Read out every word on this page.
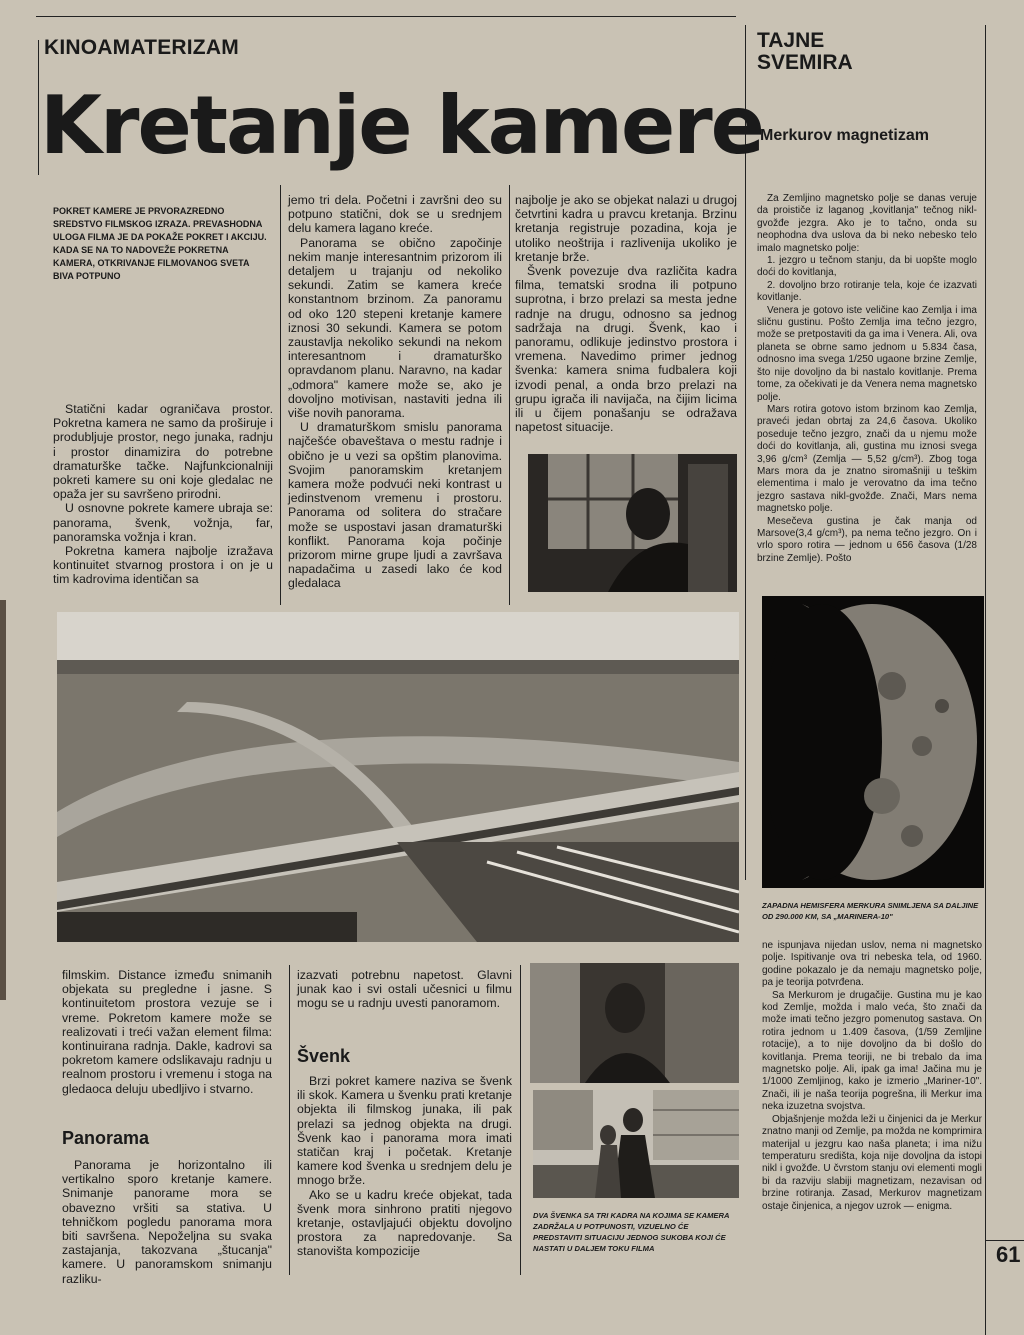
KINOAMATERIZAM
Kretanje kamere
TAJNE
SVEMIRA
Merkurov magnetizam
POKRET KAMERE JE PRVORAZREDNO SREDSTVO FILMSKOG IZRAZA. PREVASHODNA ULOGA FILMA JE DA POKAŽE POKRET I AKCIJU. KADA SE NA TO NADOVEŽE POKRETNA KAMERA, OTKRIVANJE FILMOVANOG SVETA BIVA POTPUNO

Statični kadar ograničava prostor. Pokretna kamera ne samo da proširuje i produbljuje prostor, nego junaka, radnju i prostor dinamizira do potrebne dramaturške tačke. Najfunkcionalniji pokreti kamere su oni koje gledalac ne opaža jer su savršeno prirodni.

U osnovne pokrete kamere ubraja se: panorama, švenk, vožnja, far, panoramska vožnja i kran.

Pokretna kamera najbolje izražava kontinuitet stvarnog prostora i on je u tim kadrovima identičan sa

jemo tri dela. Početni i završni deo su potpuno statični, dok se u srednjem delu kamera lagano kreće.

Panorama se obično započinje nekim manje interesantnim prizorom ili detaljem u trajanju od nekoliko sekundi. Zatim se kamera kreće konstantnom brzinom. Za panoramu od oko 120 stepeni kretanje kamere iznosi 30 sekundi. Kamera se potom zaustavlja nekoliko sekundi na nekom interesantnom i dramaturško opravdanom planu. Naravno, na kadar „odmora" kamere može se, ako je dovoljno motivisan, nastaviti jedna ili više novih panorama.

U dramaturškom smislu panorama najčešće obaveštava o mestu radnje i obično je u vezi sa opštim planovima. Svojim panoramskim kretanjem kamera može podvući neki kontrast u jedinstvenom vremenu i prostoru. Panorama od solitera do stračare može se uspostavi jasan dramaturški konflikt. Panorama koja počinje prizorom mirne grupe ljudi a završava napadačima u zasedi lako će kod gledalaca

najbolje je ako se objekat nalazi u drugoj četvrtini kadra u pravcu kretanja. Brzinu kretanja registruje pozadina, koja je utoliko neoštrija i razlivenija ukoliko je kretanje brže.

Švenk povezuje dva različita kadra filma, tematski srodna ili potpuno suprotna, i brzo prelazi sa mesta jedne radnje na drugu, odnosno sa jednog sadržaja na drugi. Švenk, kao i panoramu, odlikuje jedinstvo prostora i vremena. Navedimo primer jednog švenka: kamera snima fudbalera koji izvodi penal, a onda brzo prelazi na grupu igrača ili navijača, na čijim licima ili u čijem ponašanju se odražava napetost situacije.

ZAPADNA HEMISFERA MERKURA SNIMLJENA SA DALJINE OD 290.000 KM, SA „MARINERA-10"

Za Zemljino magnetsko polje se danas veruje da proističe iz laganog „kovitlanja" tečnog nikl-gvožđe jezgra. Ako je to tačno, onda su neophodna dva uslova da bi neko nebesko telo imalo magnetsko polje:

1. jezgro u tečnom stanju, da bi uopšte moglo doći do kovitlanja,

2. dovoljno brzo rotiranje tela, koje će izazvati kovitlanje.

Venera je gotovo iste veličine kao Zemlja i ima sličnu gustinu. Pošto Zemlja ima tečno jezgro, može se pretpostaviti da ga ima i Venera. Ali, ova planeta se obrne samo jednom u 5.834 časa, odnosno ima svega 1/250 ugaone brzine Zemlje, što nije dovoljno da bi nastalo kovitlanje. Prema tome, za očekivati je da Venera nema magnetsko polje.

Mars rotira gotovo istom brzinom kao Zemlja, praveći jedan obrtaj za 24,6 časova. Ukoliko poseduje tečno jezgro, znači da u njemu može doći do kovitlanja, ali, gustina mu iznosi svega 3,96 g/cm³ (Zemlja — 5,52 g/cm³). Zbog toga Mars mora da je znatno siromašniji u teškim elementima i malo je verovatno da ima tečno jezgro sastava nikl-gvožđe. Znači, Mars nema magnetsko polje.

Mesečeva gustina je čak manja od Marsove(3,4 g/cm³), pa nema tečno jezgro. On i vrlo sporo rotira — jednom u 656 časova (1/28 brzine Zemlje). Pošto

filmskim. Distance između snimanih objekata su pregledne i jasne. S kontinuitetom prostora vezuje se i vreme. Pokretom kamere može se realizovati i treći važan element filma: kontinuirana radnja. Dakle, kadrovi sa pokretom kamere odslikavaju radnju u realnom prostoru i vremenu i stoga na gledaoca deluju ubedljivo i stvarno.

Panorama

Panorama je horizontalno ili vertikalno sporo kretanje kamere. Snimanje panorame mora se obavezno vršiti sa stativa. U tehničkom pogledu panorama mora biti savršena. Nepoželjna su svaka zastajanja, takozvana „štucanja" kamere. U panoramskom snimanju razliku-

izazvati potrebnu napetost. Glavni junak kao i svi ostali učesnici u filmu mogu se u radnju uvesti panoramom.

Švenk

Brzi pokret kamere naziva se švenk ili skok. Kamera u švenku prati kretanje objekta ili filmskog junaka, ili pak prelazi sa jednog objekta na drugi. Švenk kao i panorama mora imati statičan kraj i početak. Kretanje kamere kod švenka u srednjem delu je mnogo brže.

Ako se u kadru kreće objekat, tada švenk mora sinhrono pratiti njegovo kretanje, ostavljajući objektu dovoljno prostora za napredovanje. Sa stanovišta kompozicije

DVA ŠVENKA SA TRI KADRA NA KOJIMA SE KAMERA ZADRŽALA U POTPUNOSTI, VIZUELNO ĆE PREDSTAVITI SITUACIJU JEDNOG SUKOBA KOJI ĆE NASTATI U DALJEM TOKU FILMA

ne ispunjava nijedan uslov, nema ni magnetsko polje. Ispitivanje ova tri nebeska tela, od 1960. godine pokazalo je da nemaju magnetsko polje, pa je teorija potvrđena.

Sa Merkurom je drugačije. Gustina mu je kao kod Zemlje, možda i malo veća, što znači da može imati tečno jezgro pomenutog sastava. On rotira jednom u 1.409 časova, (1/59 Zemljine rotacije), a to nije dovoljno da bi došlo do kovitlanja. Prema teoriji, ne bi trebalo da ima magnetsko polje. Ali, ipak ga ima! Jačina mu je 1/1000 Zemljinog, kako je izmerio „Mariner-10". Znači, ili je naša teorija pogrešna, ili Merkur ima neka izuzetna svojstva.

Objašnjenje možda leži u činjenici da je Merkur znatno manji od Zemlje, pa možda ne komprimira materijal u jezgru kao naša planeta; i ima nižu temperaturu središta, koja nije dovoljna da istopi nikl i gvožđe. U čvrstom stanju ovi elementi mogli bi da razviju slabiji magnetizam, nezavisan od brzine rotiranja. Zasad, Merkurov magnetizam ostaje činjenica, a njegov uzrok — enigma.

61
